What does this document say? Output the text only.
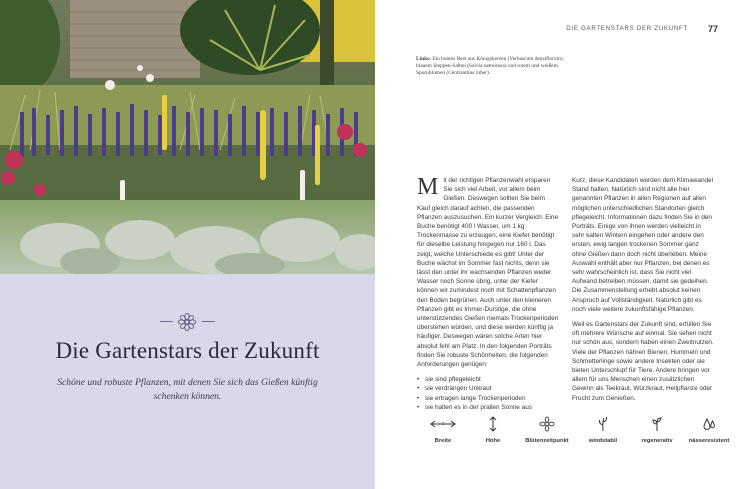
Die Gartenstars der Zukunft

Schöne und robuste Pflanzen, mit denen Sie sich das Gießen künftig schenken können.

DIE GARTENSTARS DER ZUKUNFT 77

Links: Ein buntes Beet aus Königskerzen (Verbascum densiflorum), blauem Steppen-Salbei (Salvia nemorosa) und rotem und weißem Spornblumen (Centranthus ruber).

Mit der richtigen Pflanzenwahl ersparen Sie sich viel Arbeit, vor allem beim Gießen. Deswegen sollten Sie beim Kauf gleich darauf achten, die passenden Pflanzen auszusuchen. Ein kurzer Vergleich: Eine Buche benötigt 400 l Wasser, um 1 kg Trockenmasse zu erzeugen, eine Kiefer benötigt für dieselbe Leistung hingegen nur 160 l. Das zeigt, welche Unterschiede es gibt! Unter der Buche wächst im Sommer fast nichts, denn sie lässt den unter ihr wachsenden Pflanzen weder Wasser noch Sonne übrig, unter der Kiefer können wir zumindest noch mit Schattenpflanzen den Boden begrünen. Auch unter den kleineren Pflanzen gibt es Immer-Durstige, die ohne unterstützendes Gießen niemals Trockenperioden überstehen würden, und diese werden künftig ja häufiger. Deswegen wären solche Arten hier absolut fehl am Platz. In den folgenden Porträts finden Sie robuste Schönheiten, die folgenden Anforderungen genügen:

• sie sind pflegeleicht
• sie verdrängen Unkraut
• sie ertragen lange Trockenperioden
• sie halten es in der prallen Sonne aus

Kurz, diese Kandidaten werden dem Klimawandel Stand halten. Natürlich sind nicht alle hier genannten Pflanzen in allen Regionen auf allen möglichen unterschiedlichen Standorten gleich pflegeleicht. Informationen dazu finden Sie in den Porträts. Einige von ihnen werden vielleicht in sehr kalten Wintern eingehen oder andere den ersten, ewig langen trockenen Sommer ganz ohne Gießen dann doch nicht überleben. Meine Auswahl enthält aber nur Pflanzen, bei denen es sehr wahrscheinlich ist, dass Sie nicht viel Aufwand betreiben müssen, damit sie gedeihen. Die Zusammenstellung erhebt absolut keinen Anspruch auf Vollständigkeit. Natürlich gibt es noch viele weitere zukunftsfähige Pflanzen.

Weil es Gartenstars der Zukunft sind, erfüllen Sie oft mehrere Wünsche auf einmal. Sie sehen nicht nur schön aus, sondern haben einen Zweitnutzen. Viele der Pflanzen nähren Bienen, Hummeln und Schmetterlinge sowie andere Insekten oder sie bieten Unterschlupf für Tiere. Andere bringen vor allem für uns Menschen einen zusätzlichen Gewinn als Teekraut, Würzkraut, Heilpflanze oder Frucht zum Genießen.

Breite	Höhe	Blütenzeitpunkt	windstabil	regenerativ	nässeresistent
